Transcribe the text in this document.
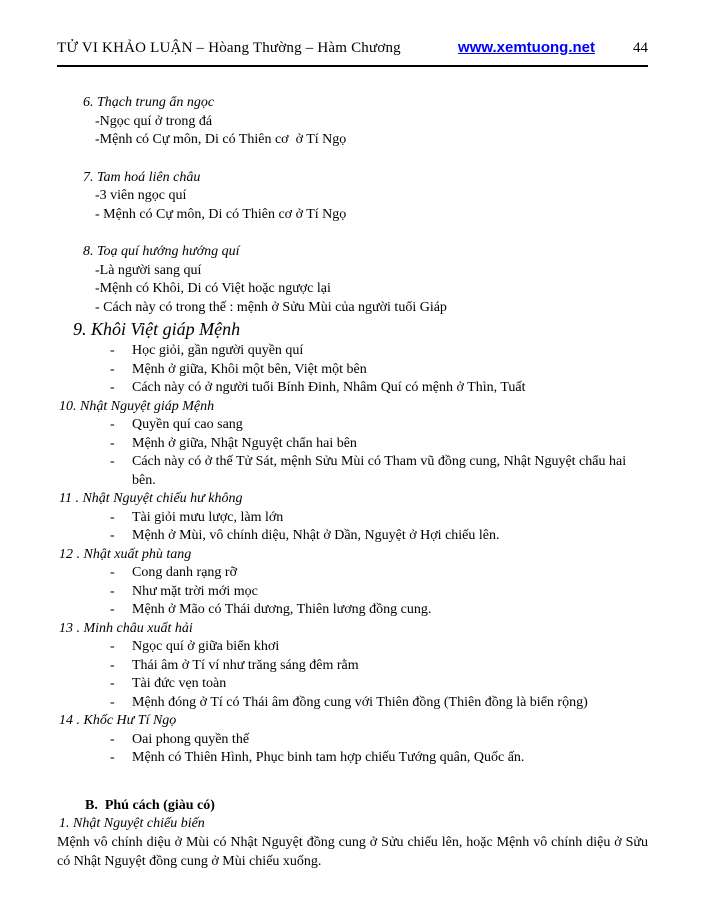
TỬ VI KHẢO LUẬN – Hòang Thường – Hàm Chương	www.xemtuong.net	44
6. Thạch trung ẩn ngọc
-Ngọc quí ở trong đá
-Mệnh có Cự môn, Di có Thiên cơ  ở Tí Ngọ
7. Tam hoá liên châu
-3 viên ngọc quí
- Mệnh có Cự môn, Di có Thiên cơ ở Tí Ngọ
8. Toạ quí hướng hướng quí
-Là người sang quí
-Mệnh có Khôi, Di có Việt hoặc ngược lại
- Cách này có trong thế : mệnh ở Sửu Mùi của người tuổi Giáp
9. Khôi Việt giáp Mệnh
-	Học giỏi, gần người quyền quí
-	Mệnh ở giữa, Khôi một bên, Việt một bên
-	Cách này có ở người tuổi Bính Đinh, Nhâm Quí có mệnh ở Thìn, Tuất
10. Nhật Nguyệt giáp Mệnh
-	Quyền quí cao sang
-	Mệnh ở giữa, Nhật Nguyệt chẩn hai bên
-	Cách này có ở thế Tử Sát, mệnh Sửu Mùi có Tham vũ đồng cung, Nhật Nguyệt chẩu hai bên.
11 . Nhật Nguyệt chiếu hư không
-	Tài giỏi mưu lược, làm lớn
-	Mệnh ở Mùi, vô chính diệu, Nhật ở Dần, Nguyệt ở Hợi chiếu lên.
12 . Nhật xuất phù tang
-	Cong danh rạng rỡ
-	Như mặt trời mới mọc
-	Mệnh ở Mão có Thái dương, Thiên lương đồng cung.
13 . Minh châu xuất hải
-	Ngọc quí ở giữa biển khơi
-	Thái âm ở Tí ví như trăng sáng đêm rằm
-	Tài đức vẹn toàn
-	Mệnh đóng ở Tí có Thái âm đồng cung với Thiên đồng (Thiên đồng là biển rộng)
14 . Khốc Hư Tí Ngọ
-	Oai phong quyền thế
-	Mệnh có Thiên Hình, Phục binh tam hợp chiếu Tướng quân, Quốc ấn.
B.  Phú cách (giàu có)
1. Nhật Nguyệt chiếu biến
Mệnh vô chính diệu ở Mùi có Nhật Nguyệt đồng cung ở Sửu chiếu lên, hoặc Mệnh vô chính diệu ở Sửu có Nhật Nguyệt đồng cung ở Mùi chiếu xuống.
